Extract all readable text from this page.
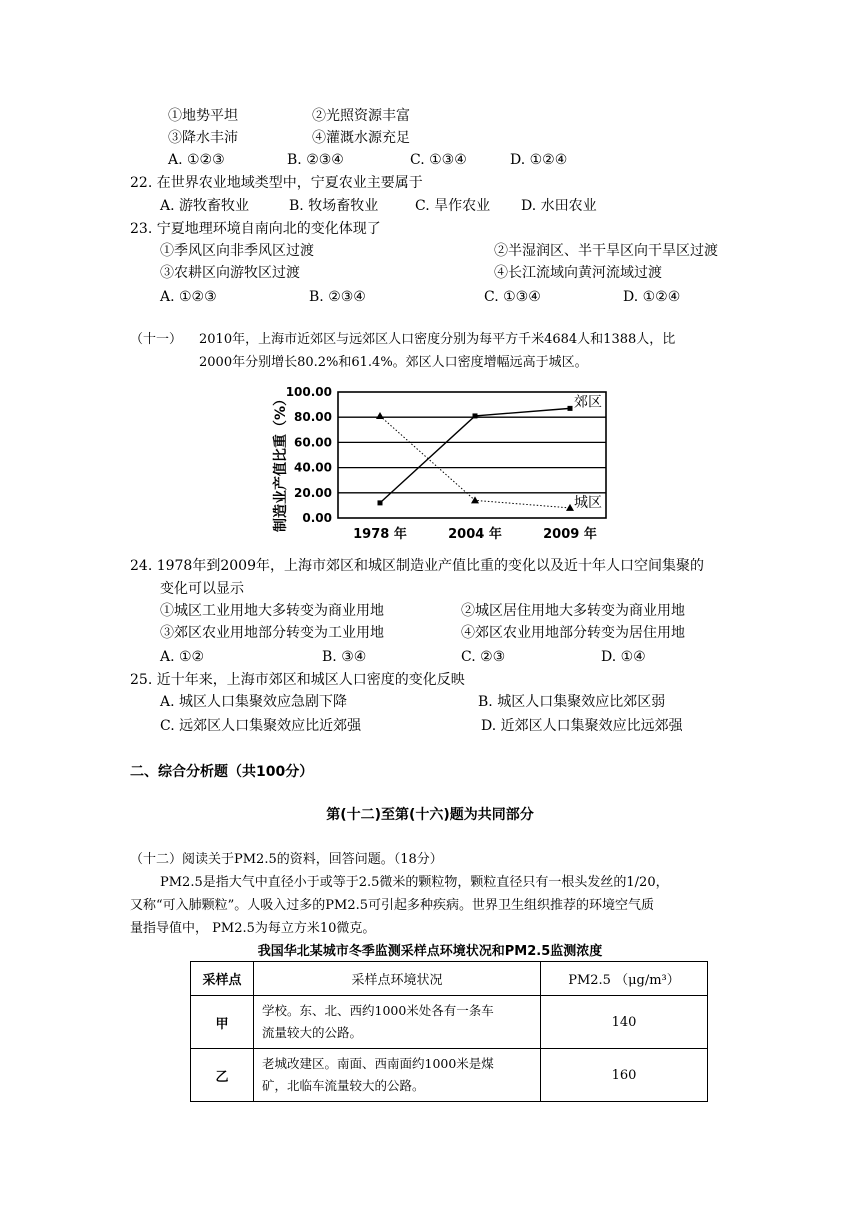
①地势平坦	②光照资源丰富
③降水丰沛	④灌溉水源充足
A. ①②③	B. ②③④	C. ①③④	D. ①②④
22. 在世界农业地域类型中，宁夏农业主要属于
A. 游牧畜牧业	B. 牧场畜牧业	C. 旱作农业 D. 水田农业
23. 宁夏地理环境自南向北的变化体现了
①季风区向非季风区过渡	②半湿润区、半干旱区向干旱区过渡
③农耕区向游牧区过渡	④长江流域向黄河流域过渡
A. ①②③	B. ②③④	C. ①③④	D. ①②④
（十一） 2010年，上海市近郊区与远郊区人口密度分别为每平方千米4684人和1388人，比
2000年分别增长80.2%和61.4%。郊区人口密度增幅远高于城区。
制造业产值比重（%） 0.00
20.00
40.00
60.00
80.00
100.00
1978 年	2004 年	2009 年
郊区
城区
24. 1978年到2009年，上海市郊区和城区制造业产值比重的变化以及近十年人口空间集聚的
变化可以显示
①城区工业用地大多转变为商业用地	②城区居住用地大多转变为商业用地
③郊区农业用地部分转变为工业用地	④郊区农业用地部分转变为居住用地
A. ①②	B. ③④	C. ②③	D. ①④
25. 近十年来，上海市郊区和城区人口密度的变化反映
A. 城区人口集聚效应急剧下降	B. 城区人口集聚效应比郊区弱
C. 远郊区人口集聚效应比近郊强	D. 近郊区人口集聚效应比远郊强
二、综合分析题（共100分）
第(十二)至第(十六)题为共同部分
（十二）阅读关于PM2.5的资料，回答问题。（18分）
PM2.5是指大气中直径小于或等于2.5微米的颗粒物，颗粒直径只有一根头发丝的1/20，
又称“可入肺颗粒”。人吸入过多的PM2.5可引起多种疾病。世界卫生组织推荐的环境空气质
量指导值中， PM2.5为每立方米10微克。
我国华北某城市冬季监测采样点环境状况和PM2.5监测浓度
采样点	采样点环境状况	PM2.5 （μg/m³）
甲	学校。东、北、西约1000米处各有一条车
流量较大的公路。	140
乙	老城改建区。南面、西南面约1000米是煤
矿，北临车流量较大的公路。	160
